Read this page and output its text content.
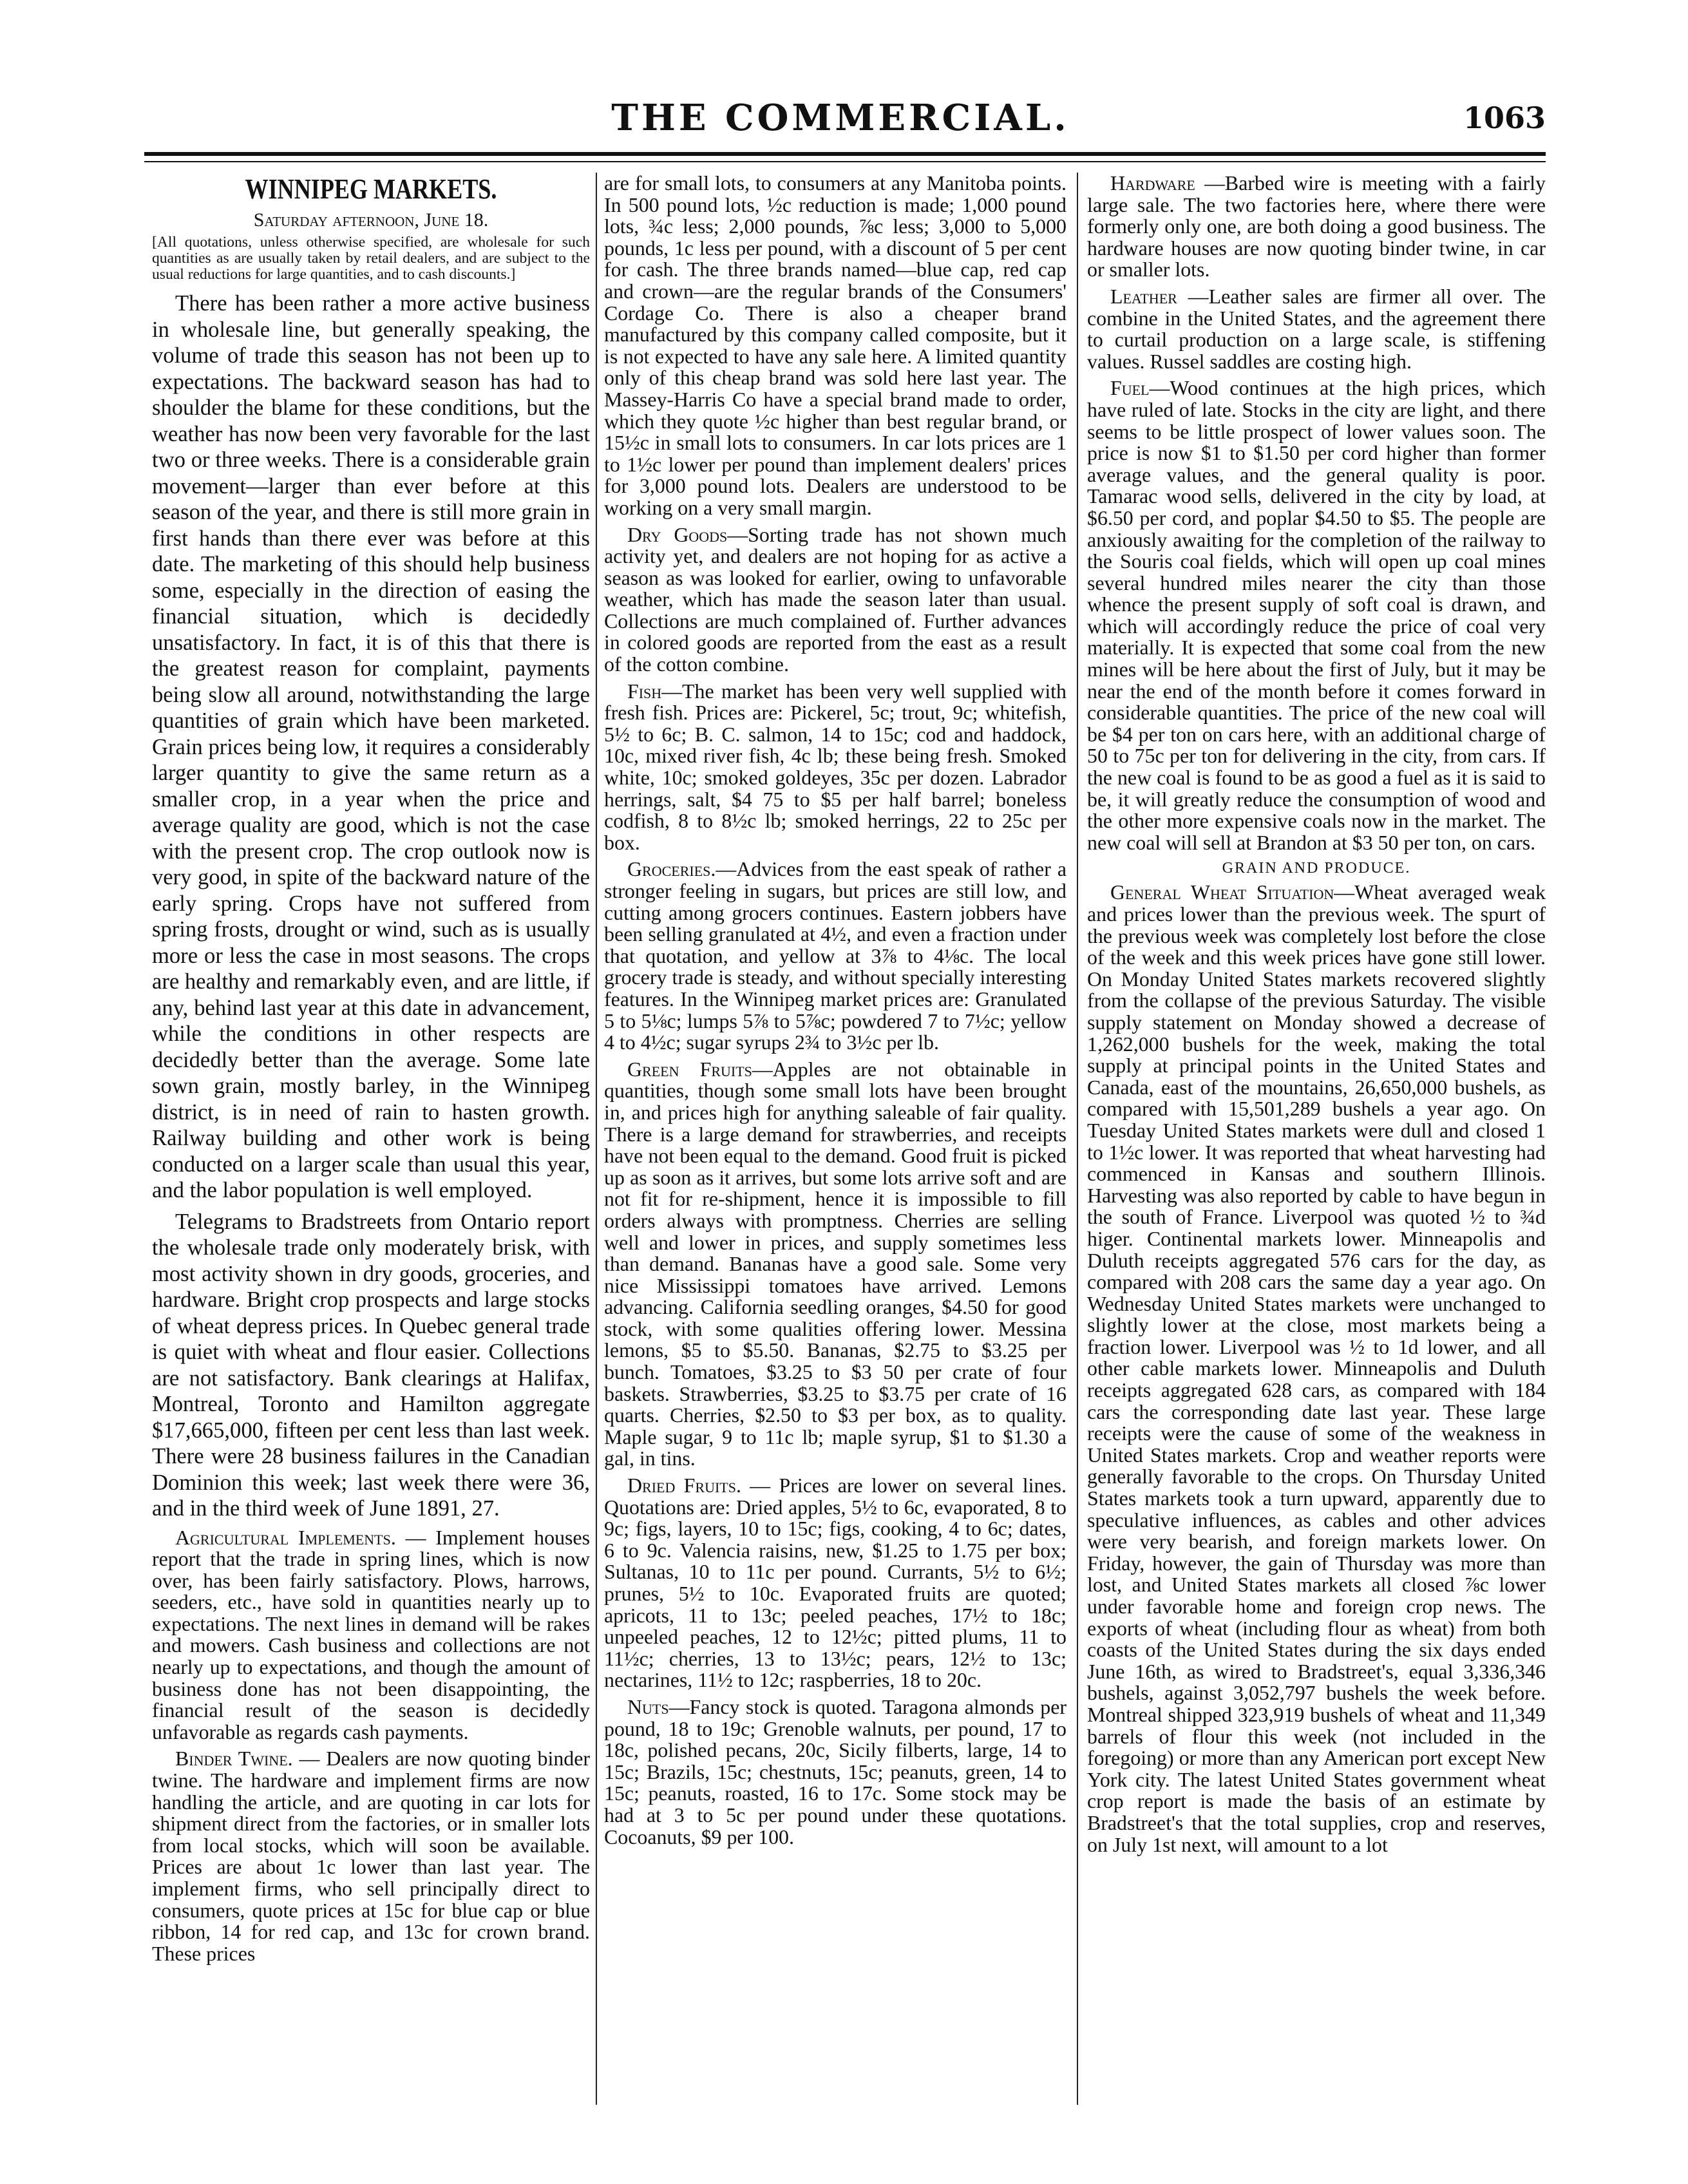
THE COMMERCIAL.	1063
WINNIPEG MARKETS.
Saturday afternoon, June 18.
[All quotations, unless otherwise specified, are wholesale for such quantities as are usually taken by retail dealers, and are subject to the usual reductions for large quantities, and to cash discounts.]

There has been rather a more active business in wholesale line, but generally speaking, the volume of trade this season has not been up to expectations. The backward season has had to shoulder the blame for these conditions, but the weather has now been very favorable for the last two or three weeks. There is a considerable grain movement—larger than ever before at this season of the year, and there is still more grain in first hands than there ever was before at this date. The marketing of this should help business some, especially in the direction of easing the financial situation, which is decidedly unsatisfactory. In fact, it is of this that there is the greatest reason for complaint, payments being slow all around, notwithstanding the large quantities of grain which have been marketed. Grain prices being low, it requires a considerably larger quantity to give the same return as a smaller crop, in a year when the price and average quality are good, which is not the case with the present crop. The crop outlook now is very good, in spite of the backward nature of the early spring. Crops have not suffered from spring frosts, drought or wind, such as is usually more or less the case in most seasons. The crops are healthy and remarkably even, and are little, if any, behind last year at this date in advancement, while the conditions in other respects are decidedly better than the average. Some late sown grain, mostly barley, in the Winnipeg district, is in need of rain to hasten growth. Railway building and other work is being conducted on a larger scale than usual this year, and the labor population is well employed.

Telegrams to Bradstreets from Ontario report the wholesale trade only moderately brisk, with most activity shown in dry goods, groceries, and hardware. Bright crop prospects and large stocks of wheat depress prices. In Quebec general trade is quiet with wheat and flour easier. Collections are not satisfactory. Bank clearings at Halifax, Montreal, Toronto and Hamilton aggregate $17,665,000, fifteen per cent less than last week. There were 28 business failures in the Canadian Dominion this week; last week there were 36, and in the third week of June 1891, 27.

Agricultural Implements. — Implement houses report that the trade in spring lines, which is now over, has been fairly satisfactory. Plows, harrows, seeders, etc., have sold in quantities nearly up to expectations. The next lines in demand will be rakes and mowers. Cash business and collections are not nearly up to expectations, and though the amount of business done has not been disappointing, the financial result of the season is decidedly unfavorable as regards cash payments.

Binder Twine. — Dealers are now quoting binder twine. The hardware and implement firms are now handling the article, and are quoting in car lots for shipment direct from the factories, or in smaller lots from local stocks, which will soon be available. Prices are about 1c lower than last year. The implement firms, who sell principally direct to consumers, quote prices at 15c for blue cap or blue ribbon, 14 for red cap, and 13c for crown brand. These prices

are for small lots, to consumers at any Manitoba points. In 500 pound lots, ½c reduction is made; 1,000 pound lots, ¾c less; 2,000 pounds, ⅞c less; 3,000 to 5,000 pounds, 1c less per pound, with a discount of 5 per cent for cash. The three brands named—blue cap, red cap and crown—are the regular brands of the Consumers' Cordage Co. There is also a cheaper brand manufactured by this company called composite, but it is not expected to have any sale here. A limited quantity only of this cheap brand was sold here last year. The Massey-Harris Co have a special brand made to order, which they quote ½c higher than best regular brand, or 15½c in small lots to consumers. In car lots prices are 1 to 1½c lower per pound than implement dealers' prices for 3,000 pound lots. Dealers are understood to be working on a very small margin.

Dry Goods—Sorting trade has not shown much activity yet, and dealers are not hoping for as active a season as was looked for earlier, owing to unfavorable weather, which has made the season later than usual. Collections are much complained of. Further advances in colored goods are reported from the east as a result of the cotton combine.

Fish—The market has been very well supplied with fresh fish. Prices are: Pickerel, 5c; trout, 9c; whitefish, 5½ to 6c; B. C. salmon, 14 to 15c; cod and haddock, 10c, mixed river fish, 4c lb; these being fresh. Smoked white, 10c; smoked goldeyes, 35c per dozen. Labrador herrings, salt, $4 75 to $5 per half barrel; boneless codfish, 8 to 8½c lb; smoked herrings, 22 to 25c per box.

Groceries.—Advices from the east speak of rather a stronger feeling in sugars, but prices are still low, and cutting among grocers continues. Eastern jobbers have been selling granulated at 4½, and even a fraction under that quotation, and yellow at 3⅞ to 4⅛c. The local grocery trade is steady, and without specially interesting features. In the Winnipeg market prices are: Granulated 5 to 5⅛c; lumps 5⅞ to 5⅞c; powdered 7 to 7½c; yellow 4 to 4½c; sugar syrups 2¾ to 3½c per lb.

Green Fruits—Apples are not obtainable in quantities, though some small lots have been brought in, and prices high for anything saleable of fair quality. There is a large demand for strawberries, and receipts have not been equal to the demand. Good fruit is picked up as soon as it arrives, but some lots arrive soft and are not fit for re-shipment, hence it is impossible to fill orders always with promptness. Cherries are selling well and lower in prices, and supply sometimes less than demand. Bananas have a good sale. Some very nice Mississippi tomatoes have arrived. Lemons advancing. California seedling oranges, $4.50 for good stock, with some qualities offering lower. Messina lemons, $5 to $5.50. Bananas, $2.75 to $3.25 per bunch. Tomatoes, $3.25 to $3 50 per crate of four baskets. Strawberries, $3.25 to $3.75 per crate of 16 quarts. Cherries, $2.50 to $3 per box, as to quality. Maple sugar, 9 to 11c lb; maple syrup, $1 to $1.30 a gal, in tins.

Dried Fruits. — Prices are lower on several lines. Quotations are: Dried apples, 5½ to 6c, evaporated, 8 to 9c; figs, layers, 10 to 15c; figs, cooking, 4 to 6c; dates, 6 to 9c. Valencia raisins, new, $1.25 to 1.75 per box; Sultanas, 10 to 11c per pound. Currants, 5½ to 6½; prunes, 5½ to 10c. Evaporated fruits are quoted; apricots, 11 to 13c; peeled peaches, 17½ to 18c; unpeeled peaches, 12 to 12½c; pitted plums, 11 to 11½c; cherries, 13 to 13½c; pears, 12½ to 13c; nectarines, 11½ to 12c; raspberries, 18 to 20c.

Nuts—Fancy stock is quoted. Taragona almonds per pound, 18 to 19c; Grenoble walnuts, per pound, 17 to 18c, polished pecans, 20c, Sicily filberts, large, 14 to 15c; Brazils, 15c; chestnuts, 15c; peanuts, green, 14 to 15c; peanuts, roasted, 16 to 17c. Some stock may be had at 3 to 5c per pound under these quotations. Cocoanuts, $9 per 100.

Hardware —Barbed wire is meeting with a fairly large sale. The two factories here, where there were formerly only one, are both doing a good business. The hardware houses are now quoting binder twine, in car or smaller lots.

Leather —Leather sales are firmer all over. The combine in the United States, and the agreement there to curtail production on a large scale, is stiffening values. Russel saddles are costing high.

Fuel—Wood continues at the high prices, which have ruled of late. Stocks in the city are light, and there seems to be little prospect of lower values soon. The price is now $1 to $1.50 per cord higher than former average values, and the general quality is poor. Tamarac wood sells, delivered in the city by load, at $6.50 per cord, and poplar $4.50 to $5. The people are anxiously awaiting for the completion of the railway to the Souris coal fields, which will open up coal mines several hundred miles nearer the city than those whence the present supply of soft coal is drawn, and which will accordingly reduce the price of coal very materially. It is expected that some coal from the new mines will be here about the first of July, but it may be near the end of the month before it comes forward in considerable quantities. The price of the new coal will be $4 per ton on cars here, with an additional charge of 50 to 75c per ton for delivering in the city, from cars. If the new coal is found to be as good a fuel as it is said to be, it will greatly reduce the consumption of wood and the other more expensive coals now in the market. The new coal will sell at Brandon at $3 50 per ton, on cars.

GRAIN AND PRODUCE.

General Wheat Situation—Wheat averaged weak and prices lower than the previous week. The spurt of the previous week was completely lost before the close of the week and this week prices have gone still lower. On Monday United States markets recovered slightly from the collapse of the previous Saturday. The visible supply statement on Monday showed a decrease of 1,262,000 bushels for the week, making the total supply at principal points in the United States and Canada, east of the mountains, 26,650,000 bushels, as compared with 15,501,289 bushels a year ago. On Tuesday United States markets were dull and closed 1 to 1½c lower. It was reported that wheat harvesting had commenced in Kansas and southern Illinois. Harvesting was also reported by cable to have begun in the south of France. Liverpool was quoted ½ to ¾d higer. Continental markets lower. Minneapolis and Duluth receipts aggregated 576 cars for the day, as compared with 208 cars the same day a year ago. On Wednesday United States markets were unchanged to slightly lower at the close, most markets being a fraction lower. Liverpool was ½ to 1d lower, and all other cable markets lower. Minneapolis and Duluth receipts aggregated 628 cars, as compared with 184 cars the corresponding date last year. These large receipts were the cause of some of the weakness in United States markets. Crop and weather reports were generally favorable to the crops. On Thursday United States markets took a turn upward, apparently due to speculative influences, as cables and other advices were very bearish, and foreign markets lower. On Friday, however, the gain of Thursday was more than lost, and United States markets all closed ⅞c lower under favorable home and foreign crop news. The exports of wheat (including flour as wheat) from both coasts of the United States during the six days ended June 16th, as wired to Bradstreet's, equal 3,336,346 bushels, against 3,052,797 bushels the week before. Montreal shipped 323,919 bushels of wheat and 11,349 barrels of flour this week (not included in the foregoing) or more than any American port except New York city. The latest United States government wheat crop report is made the basis of an estimate by Bradstreet's that the total supplies, crop and reserves, on July 1st next, will amount to a lot
